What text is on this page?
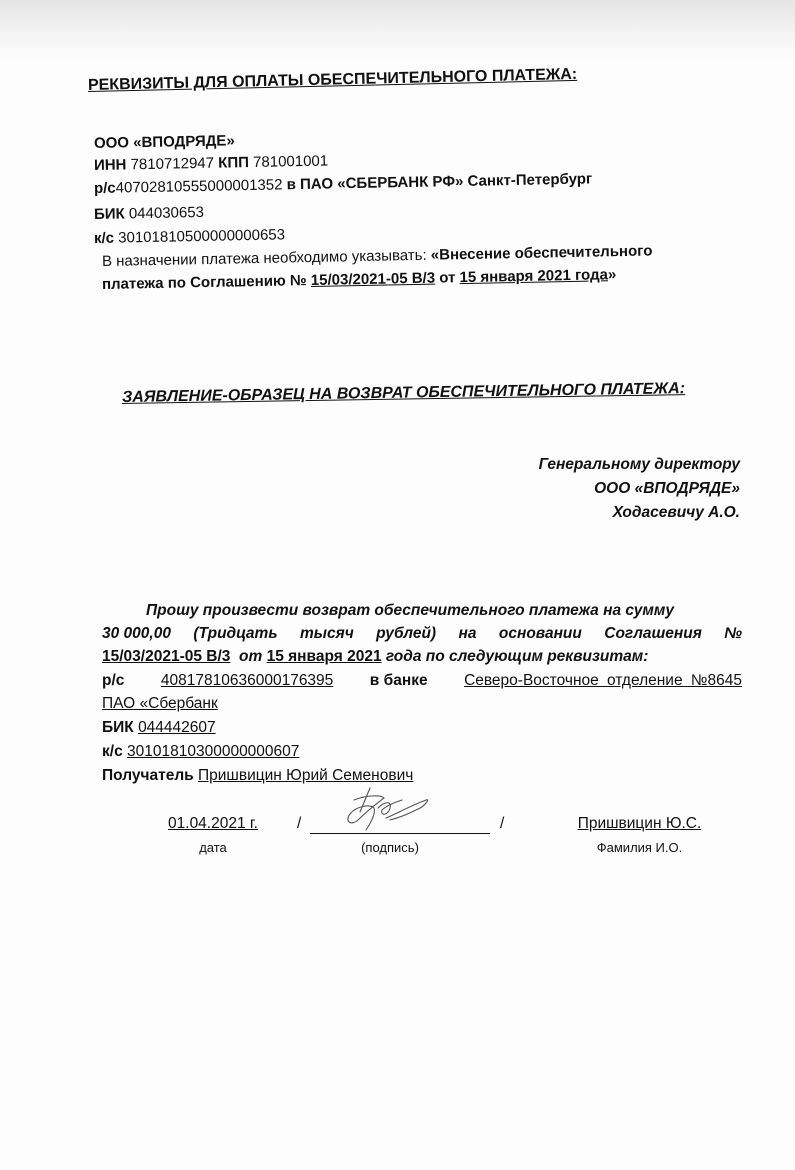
РЕКВИЗИТЫ ДЛЯ ОПЛАТЫ ОБЕСПЕЧИТЕЛЬНОГО ПЛАТЕЖА:
ООО «ВПОДРЯДЕ»
ИНН 7810712947 КПП 781001001
р/с40702810555000001352 в ПАО «СБЕРБАНК РФ» Санкт-Петербург
БИК 044030653
к/с 30101810500000000653
В назначении платежа необходимо указывать: «Внесение обеспечительного
платежа по Соглашению № 15/03/2021-05 В/3 от 15 января 2021 года»
ЗАЯВЛЕНИЕ-ОБРАЗЕЦ НА ВОЗВРАТ ОБЕСПЕЧИТЕЛЬНОГО ПЛАТЕЖА:
Генеральному директору
ООО «ВПОДРЯДЕ»
Ходасевичу А.О.
Прошу произвести возврат обеспечительного платежа на сумму
30 000,00 (Тридцать тысяч рублей) на основании Соглашения №
15/03/2021-05 В/3 от 15 января 2021 года по следующим реквизитам:
р/с 40817810636000176395 в банке Северо-Восточное отделение №8645
ПАО «Сбербанк
БИК 044442607
к/с 30101810300000000607
Получатель Пришвицин Юрий Семенович
01.04.2021 г.
дата
/
(подпись)
/	Пришвицин Ю.С.
Фамилия И.О.
